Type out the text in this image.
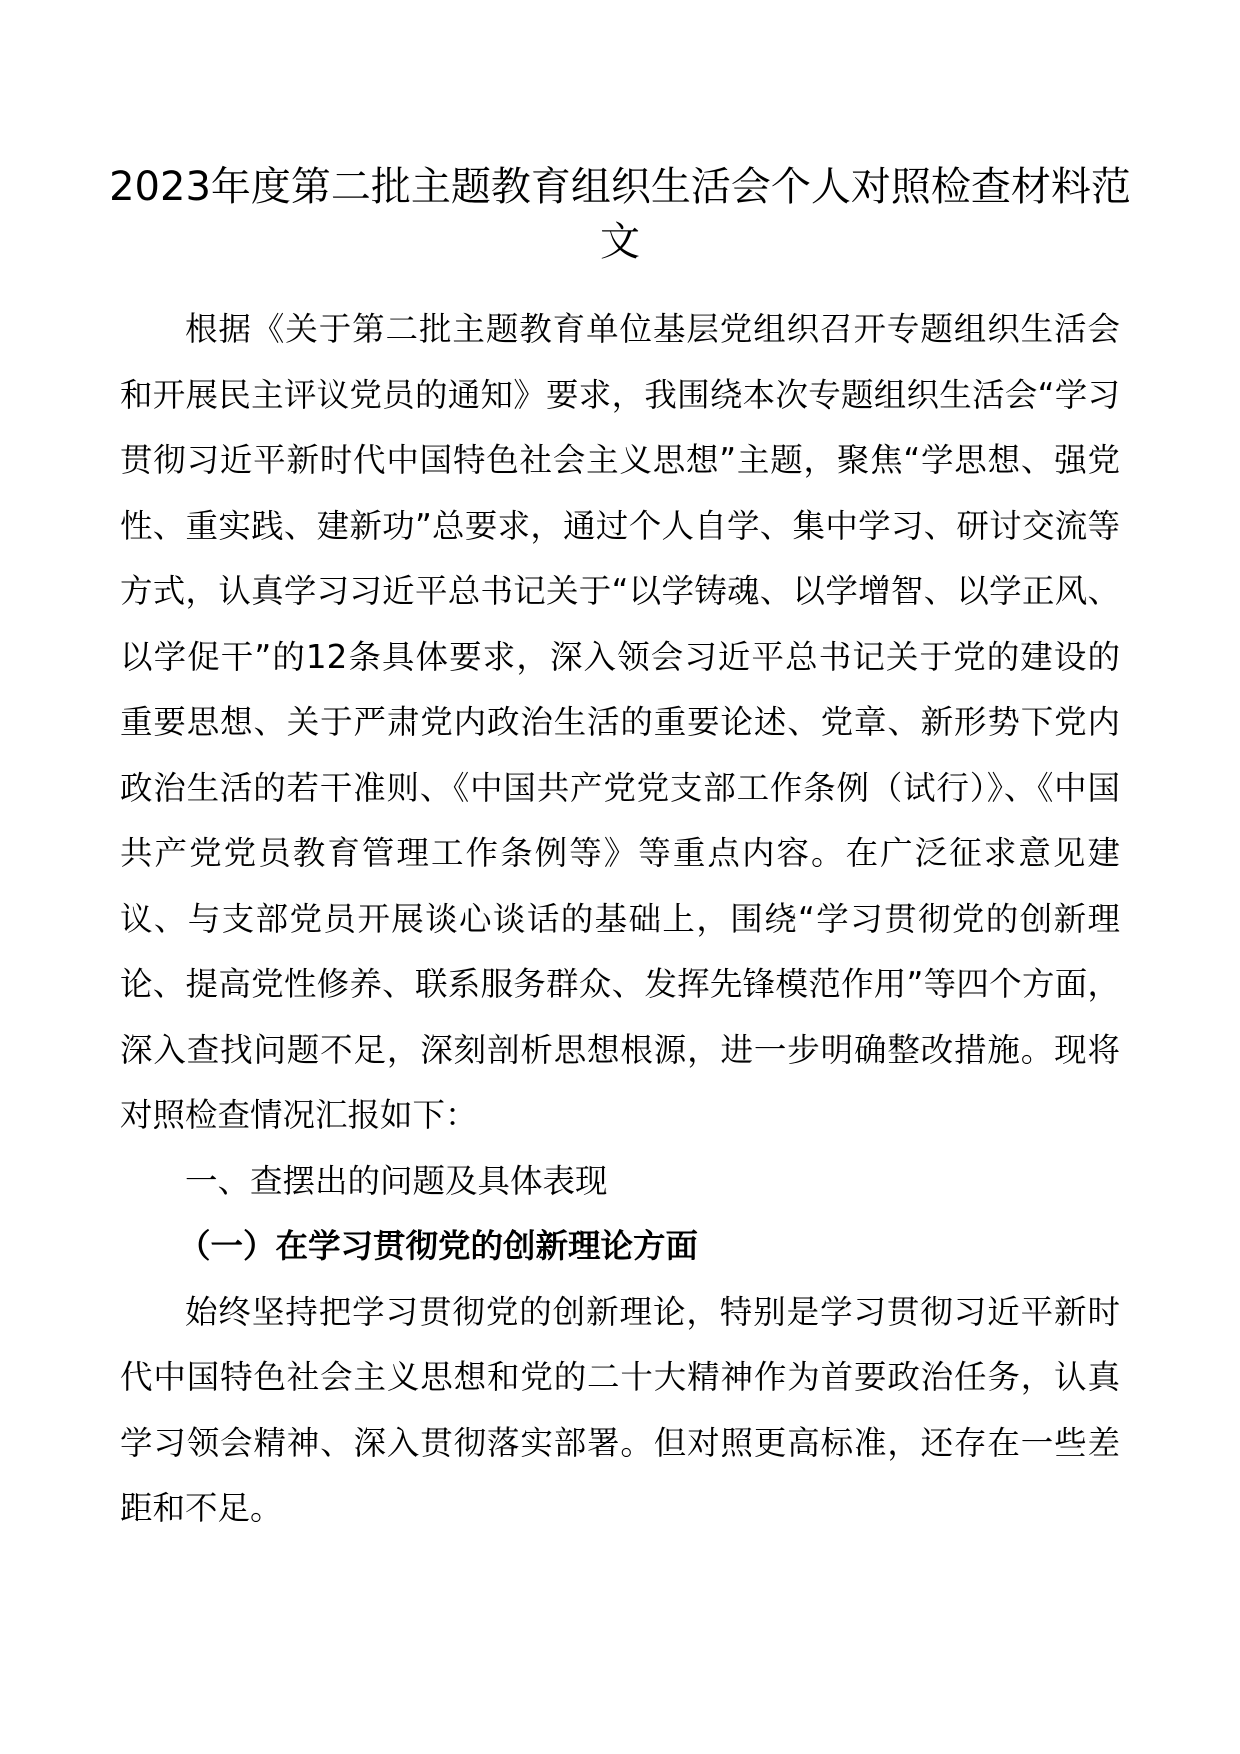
2023年度第二批主题教育组织生活会个人对照检查材料范文

根据《关于第二批主题教育单位基层党组织召开专题组织生活会和开展民主评议党员的通知》要求，我围绕本次专题组织生活会“学习贯彻习近平新时代中国特色社会主义思想”主题，聚焦“学思想、强党性、重实践、建新功”总要求，通过个人自学、集中学习、研讨交流等方式，认真学习习近平总书记关于“以学铸魂、以学增智、以学正风、以学促干”的12条具体要求，深入领会习近平总书记关于党的建设的重要思想、关于严肃党内政治生活的重要论述、党章、新形势下党内政治生活的若干准则、《中国共产党党支部工作条例（试行）》、《中国共产党党员教育管理工作条例等》等重点内容。在广泛征求意见建议、与支部党员开展谈心谈话的基础上，围绕“学习贯彻党的创新理论、提高党性修养、联系服务群众、发挥先锋模范作用”等四个方面，深入查找问题不足，深刻剖析思想根源，进一步明确整改措施。现将对照检查情况汇报如下：

一、查摆出的问题及具体表现

（一）在学习贯彻党的创新理论方面

始终坚持把学习贯彻党的创新理论，特别是学习贯彻习近平新时代中国特色社会主义思想和党的二十大精神作为首要政治任务，认真学习领会精神、深入贯彻落实部署。但对照更高标准，还存在一些差距和不足。
